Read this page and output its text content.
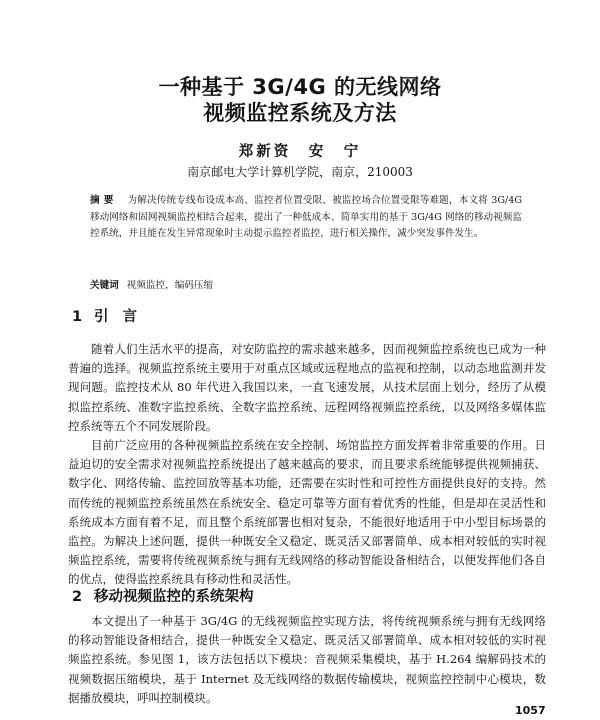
一种基于 3G/4G 的无线网络
视频监控系统及方法
郑新资　安　宁
南京邮电大学计算机学院，南京，210003
摘要 为解决传统专线布设成本高、监控者位置受限、被监控场合位置受限等难题，本文将 3G/4G 移动网络和固网视频监控相结合起来，提出了一种低成本、简单实用的基于 3G/4G 网络的移动视频监控系统，并且能在发生异常现象时主动提示监控者监控，进行相关操作，减少突发事件发生。
关键词 视频监控，编码压缩
1 引言
随着人们生活水平的提高，对安防监控的需求越来越多，因而视频监控系统也已成为一种普遍的选择。视频监控系统主要用于对重点区域或远程地点的监视和控制，以动态地监测并发现问题。监控技术从 80 年代进入我国以来，一直飞速发展，从技术层面上划分，经历了从模拟监控系统、准数字监控系统、全数字监控系统、远程网络视频监控系统，以及网络多媒体监控系统等五个不同发展阶段。
目前广泛应用的各种视频监控系统在安全控制、场馆监控方面发挥着非常重要的作用。日益迫切的安全需求对视频监控系统提出了越来越高的要求，而且要求系统能够提供视频捕获、数字化、网络传输、监控回放等基本功能，还需要在实时性和可控性方面提供良好的支持。然而传统的视频监控系统虽然在系统安全、稳定可靠等方面有着优秀的性能，但是却在灵活性和系统成本方面有着不足，而且整个系统部署也相对复杂，不能很好地适用于中小型目标场景的监控。为解决上述问题，提供一种既安全又稳定、既灵活又部署简单、成本相对较低的实时视频监控系统，需要将传统视频系统与拥有无线网络的移动智能设备相结合，以便发挥他们各自的优点，使得监控系统具有移动性和灵活性。
2 移动视频监控的系统架构
本文提出了一种基于 3G/4G 的无线视频监控实现方法，将传统视频系统与拥有无线网络的移动智能设备相结合，提供一种既安全又稳定、既灵活又部署简单、成本相对较低的实时视频监控系统。参见图 1，该方法包括以下模块：音视频采集模块，基于 H.264 编解码技术的视频数据压缩模块，基于 Internet 及无线网络的数据传输模块，视频监控控制中心模块，数据播放模块，呼叫控制模块。
1057
